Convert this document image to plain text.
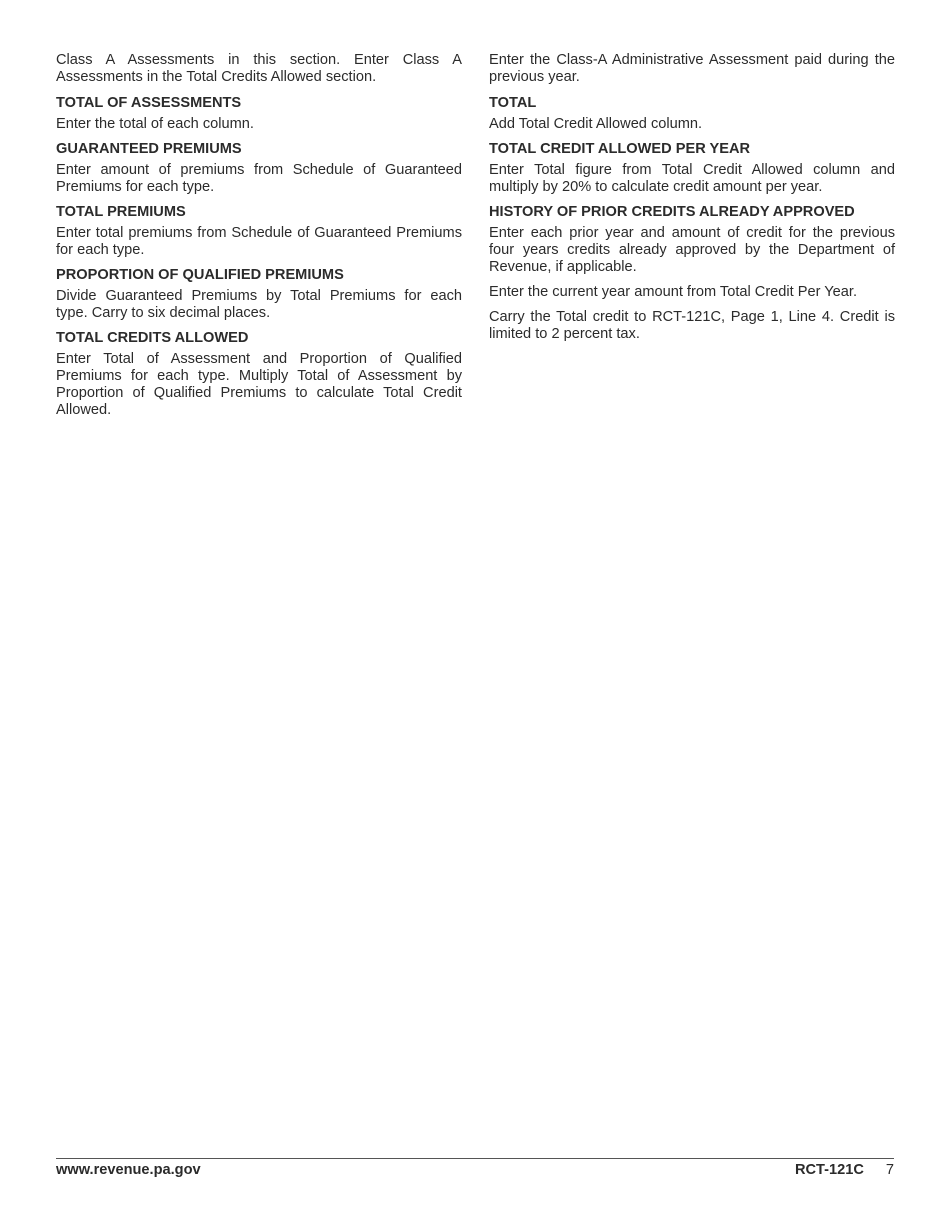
Class A Assessments in this section. Enter Class A Assessments in the Total Credits Allowed section.

TOTAL OF ASSESSMENTS

Enter the total of each column.

GUARANTEED PREMIUMS

Enter amount of premiums from Schedule of Guaranteed Premiums for each type.

TOTAL PREMIUMS

Enter total premiums from Schedule of Guaranteed Premiums for each type.

PROPORTION OF QUALIFIED PREMIUMS

Divide Guaranteed Premiums by Total Premiums for each type. Carry to six decimal places.

TOTAL CREDITS ALLOWED

Enter Total of Assessment and Proportion of Qualified Premiums for each type. Multiply Total of Assessment by Proportion of Qualified Premiums to calculate Total Credit Allowed.

Enter the Class-A Administrative Assessment paid during the previous year.

TOTAL

Add Total Credit Allowed column.

TOTAL CREDIT ALLOWED PER YEAR

Enter Total figure from Total Credit Allowed column and multiply by 20% to calculate credit amount per year.

HISTORY OF PRIOR CREDITS ALREADY APPROVED

Enter each prior year and amount of credit for the previous four years credits already approved by the Department of Revenue, if applicable.

Enter the current year amount from Total Credit Per Year.

Carry the Total credit to RCT-121C, Page 1, Line 4. Credit is limited to 2 percent tax.

www.revenue.pa.gov	RCT-121C 7
